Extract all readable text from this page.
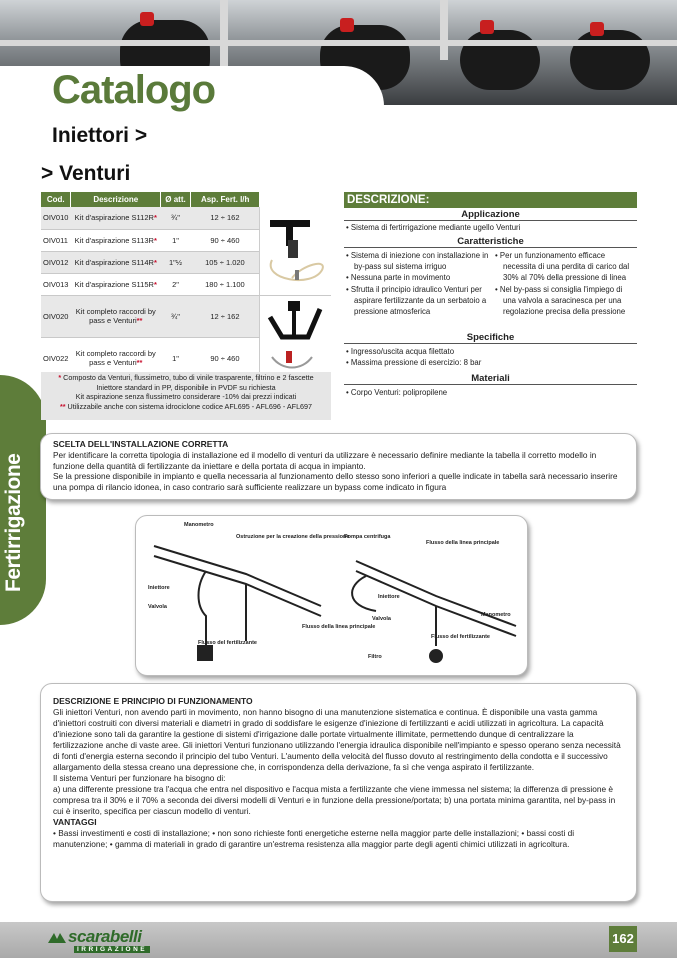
Catalogo
Iniettori >
> Venturi
Fertirrigazione
Cod.	Descrizione	Ø att.	Asp. Fert. l/h	
OIV010	Kit d'aspirazione S112R*	¾"	12 ÷ 162	
OIV011	Kit d'aspirazione S113R*	1"	90 ÷ 460	
OIV012	Kit d'aspirazione S114R*	1"½	105 ÷ 1.020	
OIV013	Kit d'aspirazione S115R*	2"	180 ÷ 1.100	
OIV020	Kit completo raccordi by pass e Venturi**	¾"	12 ÷ 162	
OIV022	Kit completo raccordi by pass e Venturi**	1"	90 ÷ 460	
* Composto da Venturi, flussimetro, tubo di vinile trasparente, filtrino e 2 fascette
Iniettore standard in PP, disponibile in PVDF su richiesta
Kit aspirazione senza flussimetro considerare -10% dai prezzi indicati
** Utilizzabile anche con sistema idrociclone codice AFL695 - AFL696 - AFL697
DESCRIZIONE:
Applicazione
• Sistema di fertirrigazione mediante ugello Venturi
Caratteristiche
• Sistema di iniezione con installazione in by-pass sul sistema irriguo
• Nessuna parte in movimento
• Sfrutta il principio idraulico Venturi per aspirare fertilizzante da un serbatoio a pressione atmosferica
• Per un funzionamento efficace necessita di una perdita di carico dal 30% al 70% della pressione di linea
• Nel by-pass si consiglia l'impiego di una valvola a saracinesca per una regolazione precisa della pressione
Specifiche
• Ingresso/uscita acqua filettato
• Massima pressione di esercizio: 8 bar
Materiali
• Corpo Venturi: polipropilene
SCELTA DELL'INSTALLAZIONE CORRETTA
Per identificare la corretta tipologia di installazione ed il modello di venturi da utilizzare è necessario definire mediante la tabella il corretto modello in funzione della quantità di fertilizzante da iniettare e della portata di acqua in impianto.
Se la pressione disponibile in impianto e quella necessaria al funzionamento dello stesso sono inferiori a quelle indicate in tabella sarà necessario inserire una pompa di rilancio idonea, in caso contrario sarà sufficiente realizzare un bypass come indicato in figura
Manometro
Ostruzione per la creazione della pressione
Iniettore
Valvola
Flusso della linea principale
Flusso del fertilizzante
Pompa centrifuga
Flusso della linea principale
Iniettore
Valvola
Manometro
Flusso del fertilizzante
Filtro
DESCRIZIONE E PRINCIPIO DI FUNZIONAMENTO
Gli iniettori Venturi, non avendo parti in movimento, non hanno bisogno di una manutenzione sistematica e continua. È disponibile una vasta gamma d'iniettori costruiti con diversi materiali e diametri in grado di soddisfare le esigenze d'iniezione di fertilizzanti e acidi utilizzati in agricoltura. La capacità d'iniezione sono tali da garantire la gestione di sistemi d'irrigazione dalle portate virtualmente illimitate, permettendo dunque di centralizzare la fertilizzazione anche di vaste aree. Gli iniettori Venturi funzionano utilizzando l'energia idraulica disponibile nell'impianto e spesso operano senza necessità di fonti d'energia esterna secondo il principio del tubo Venturi. L'aumento della velocità del flusso dovuto al restringimento della condotta e il successivo allargamento della stessa creano una depressione che, in corrispondenza della derivazione, fa sì che venga aspirato il fertilizzante.
Il sistema Venturi per funzionare ha bisogno di:
a) una differente pressione tra l'acqua che entra nel dispositivo e l'acqua mista a fertilizzante che viene immessa nel sistema; la differenza di pressione è compresa tra il 30% e il 70% a seconda dei diversi modelli di Venturi e in funzione della pressione/portata; b) una portata minima garantita, nel by-pass in cui è inserito, specifica per ciascun modello di venturi.
VANTAGGI
• Bassi investimenti e costi di installazione; • non sono richieste fonti energetiche esterne nella maggior parte delle installazioni; • bassi costi di manutenzione; • gamma di materiali in grado di garantire un'estrema resistenza alla maggior parte degli agenti chimici utilizzati in agricoltura.
scarabelli
IRRIGAZIONE
162
